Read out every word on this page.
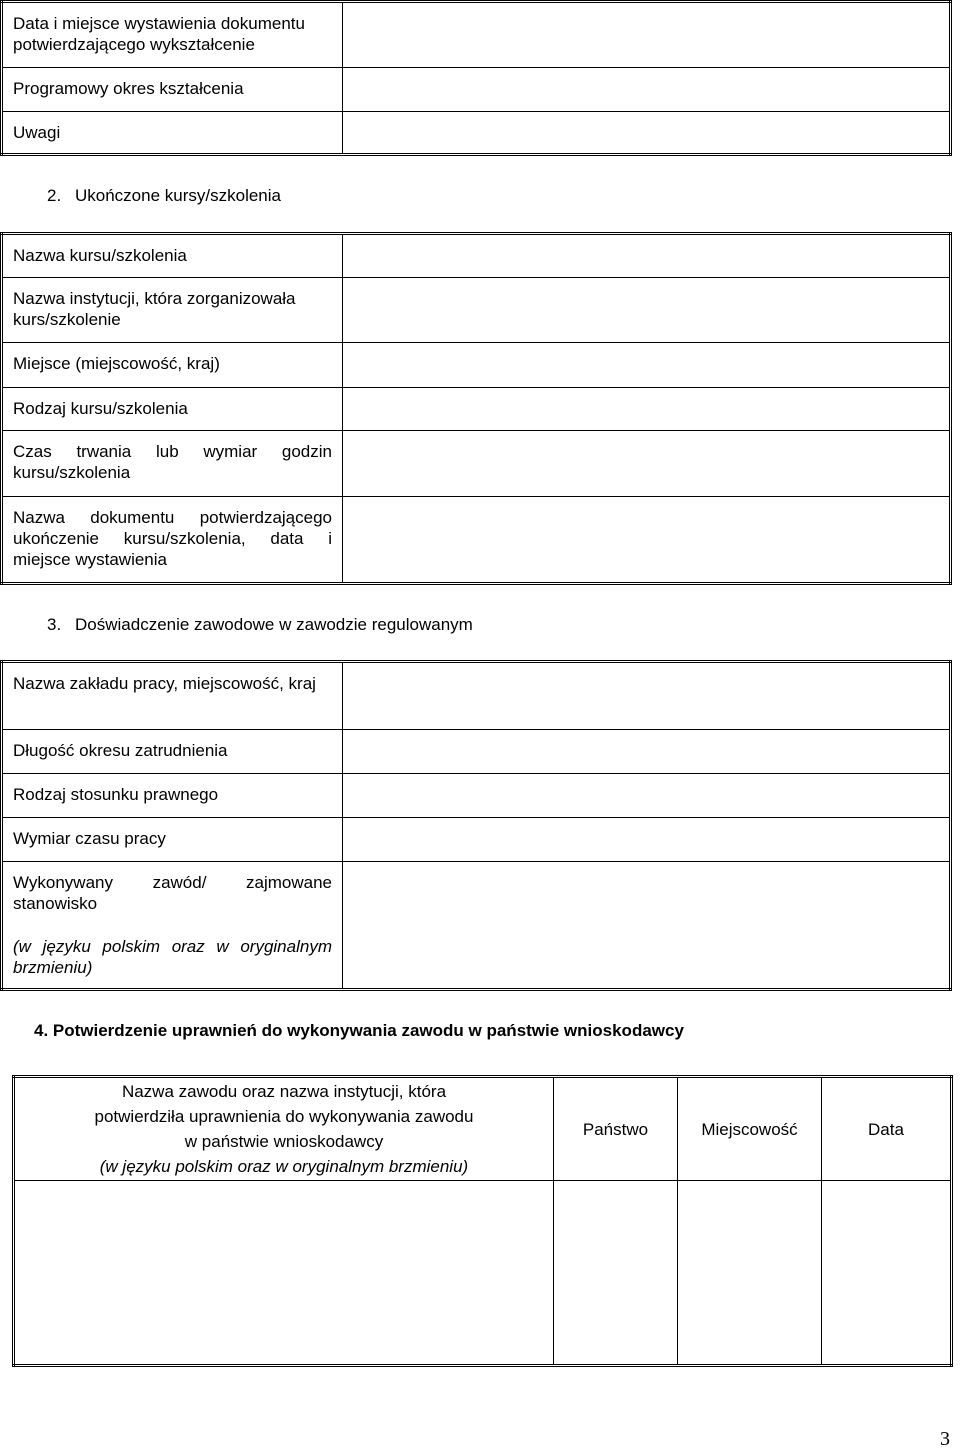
Data i miejsce wystawienia dokumentu potwierdzającego wykształcenie	
Programowy okres kształcenia	
Uwagi	
2. Ukończone kursy/szkolenia
Nazwa kursu/szkolenia	
Nazwa instytucji, która zorganizowała kurs/szkolenie	
Miejsce (miejscowość, kraj)	
Rodzaj kursu/szkolenia	
Czas trwania lub wymiar godzin kursu/szkolenia	
Nazwa dokumentu potwierdzającego ukończenie kursu/szkolenia, data i miejsce wystawienia	
3. Doświadczenie zawodowe w zawodzie regulowanym
Nazwa zakładu pracy, miejscowość, kraj	
Długość okresu zatrudnienia	
Rodzaj stosunku prawnego	
Wymiar czasu pracy	

Wykonywany zawód/ zajmowane stanowisko
(w języku polskim oraz w oryginalnym brzmieniu)	

4. Potwierdzenie uprawnień do wykonywania zawodu w państwie wnioskodawcy
Nazwa zawodu oraz nazwa instytucji, która
potwierdziła uprawnienia do wykonywania zawodu
w państwie wnioskodawcy
(w języku polskim oraz w oryginalnym brzmieniu)	Państwo	Miejscowość	Data

3
